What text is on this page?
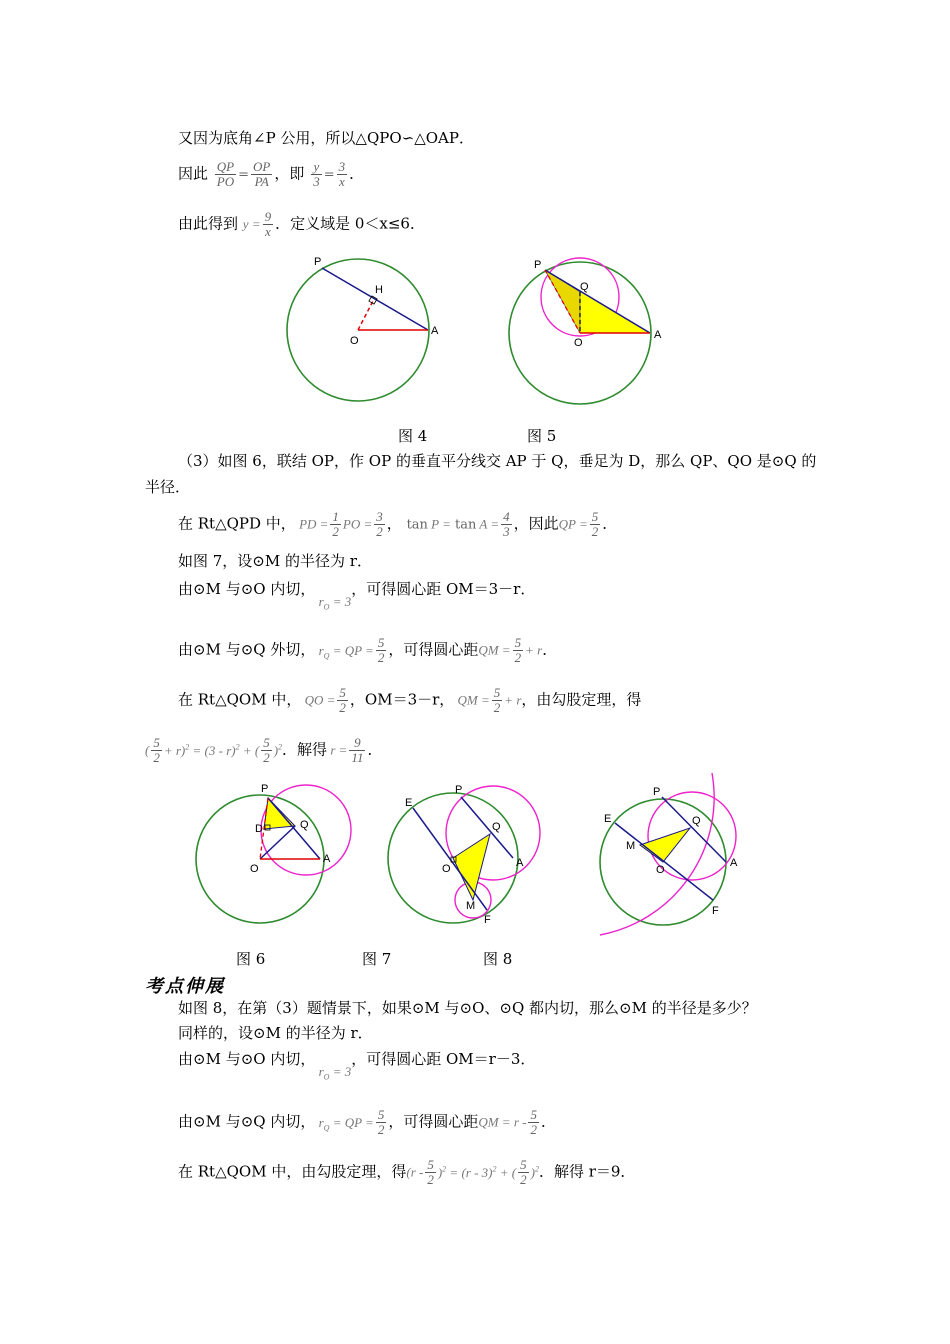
又因为底角∠P 公用，所以△QPO∽△OAP．
因此 $\frac{QP}{PO} = \frac{OP}{PA}$ ，即 $\frac{y}{3} = \frac{3}{x}$ ．
由此得到 $y = \frac{9}{x}$ ．定义域是 0＜x≤6．
P
H
O
A
P
Q
O
A
图 4	图 5
（3）如图 6，联结 OP，作 OP 的垂直平分线交 AP 于 Q，垂足为 D，那么 QP、QO 是⊙Q 的
半径．
在 Rt△QPD 中， PD = $\frac{1}{2}$ PO = $\frac{3}{2}$ ， $\tan P = \tan A = \frac{4}{3}$ ，因此QP = $\frac{5}{2}$ ．
如图 7，设⊙M 的半径为 r．
由⊙M 与⊙O 内切， $r_O = 3$，可得圆心距 OM＝3－r．
由⊙M 与⊙Q 外切， $r_Q$ = QP = $\frac{5}{2}$ ，可得圆心距QM = $\frac{5}{2} + r$．
在 Rt△QOM 中， QO = $\frac{5}{2}$ ，OM＝3－r， QM = $\frac{5}{2} + r$，由勾股定理，得
( $\frac{5}{2} + r)^2 = (3 - r)^2$ + ( $\frac{5}{2} )^2$．解得 $r = \frac{9}{11}$ ．
P
Q
D
O
A
P
E
Q
O	A
M
F
P
E	Q
M
O
A
F
图 6	图 7	图 8
考点伸展
如图 8，在第（3）题情景下，如果⊙M 与⊙O、⊙Q 都内切，那么⊙M 的半径是多少？
同样的，设⊙M 的半径为 r．
由⊙M 与⊙O 内切， $r_O = 3$，可得圆心距 OM＝r－3．
由⊙M 与⊙Q 内切， $r_Q$ = QP = $\frac{5}{2}$ ，可得圆心距QM = r - $\frac{5}{2}$ ．
在 Rt△QOM 中，由勾股定理，得$(r - \frac{5}{2} )^2 = (r - 3)^2$ + ( $\frac{5}{2} )^2$．解得 r＝9．
